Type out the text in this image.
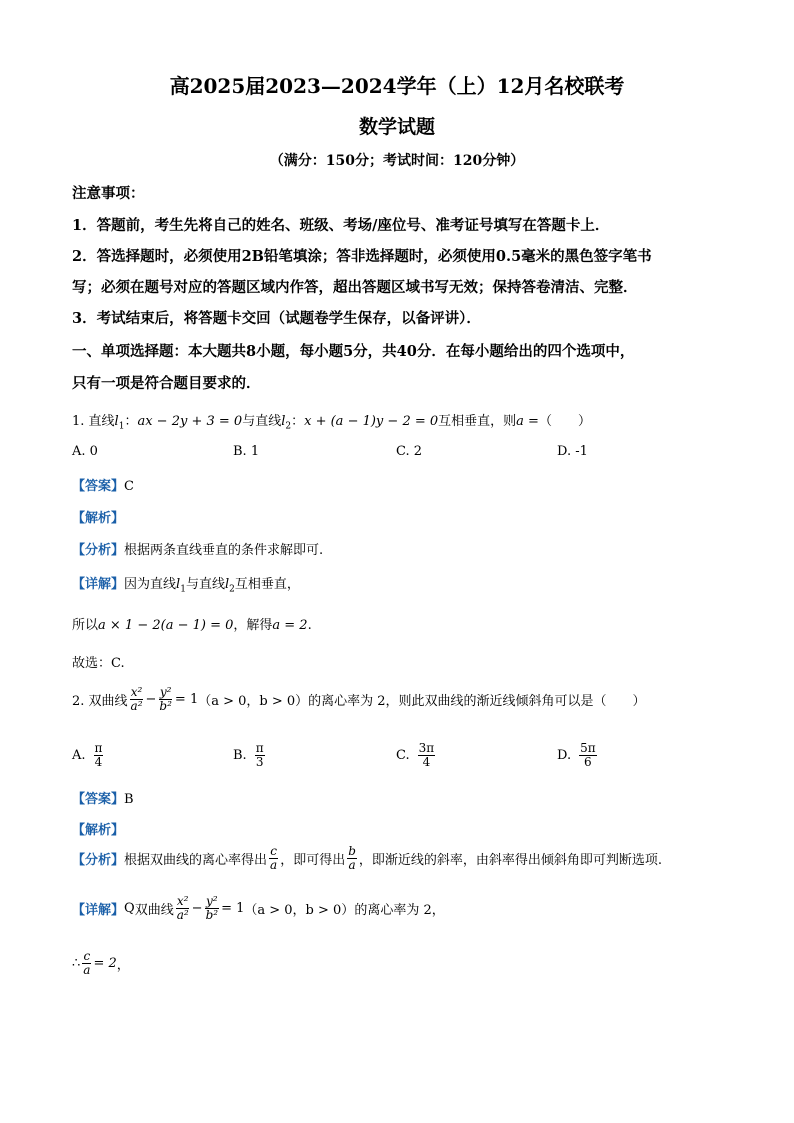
高2025届2023—2024学年（上）12月名校联考
数学试题
（满分：150分；考试时间：120分钟）
注意事项：
1．答题前，考生先将自己的姓名、班级、考场/座位号、准考证号填写在答题卡上．
2．答选择题时，必须使用2B铅笔填涂；答非选择题时，必须使用0.5毫米的黑色签字笔书
写；必须在题号对应的答题区域内作答，超出答题区域书写无效；保持答卷清洁、完整．
3．考试结束后，将答题卡交回（试题卷学生保存，以备评讲）．
一、单项选择题：本大题共8小题，每小题5分，共40分．在每小题给出的四个选项中，
只有一项是符合题目要求的．
1. 直线$l_1$：ax − 2y + 3 = 0与直线$l_2$：x + (a − 1)y − 2 = 0互相垂直，则a =（　　）
A. 0	B. 1	C. 2	D. -1
【答案】C
【解析】
【分析】根据两条直线垂直的条件求解即可.
【详解】因为直线$l_1$与直线$l_2$互相垂直，
所以a × 1 − 2(a − 1) = 0，解得a = 2.
故选：C.
2. 双曲线 $\frac{\text{x²}}{\text{a²}} - \frac{\text{y²}}{\text{b²}} = 1$ （a > 0，b > 0） 的离心率为 2，则此双曲线的渐近线倾斜角可以是（　　）
A. $\frac{\pi}{4}$	B. $\frac{\pi}{3}$	C. $\frac{3\pi}{4}$	D. $\frac{5\pi}{6}$
【答案】B
【解析】
【分析】 根据双曲线的离心率得出 $\frac{c}{a}$ ，即可得出 $\frac{b}{a}$ ，即渐近线的斜率，由斜率得出倾斜角即可判断选项.
【详解】 Q 双曲线 $\frac{\text{x²}}{\text{a²}} - \frac{\text{y²}}{\text{b²}} = 1$ （a > 0，b > 0） 的离心率为 2，
∴ $\frac{c}{a} = 2$ ，
